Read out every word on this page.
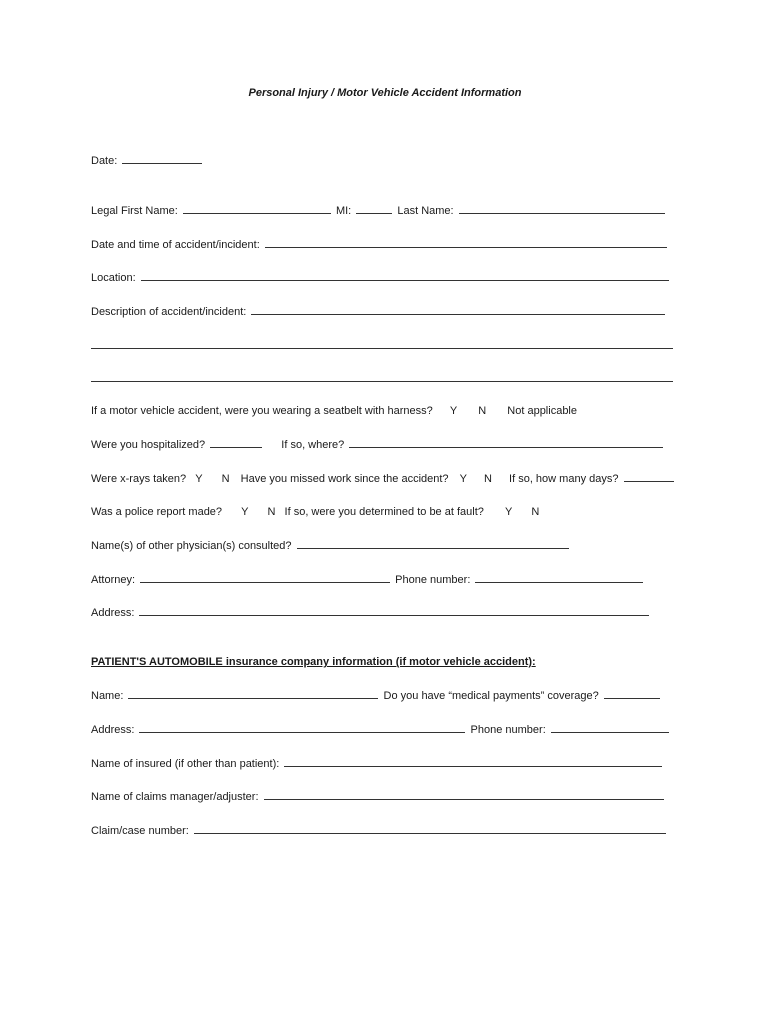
Personal Injury / Motor Vehicle Accident Information
Date:
Legal First Name:	MI:	Last Name:
Date and time of accident/incident:
Location:
Description of accident/incident:
If a motor vehicle accident, were you wearing a seatbelt with harness? Y N Not applicable
Were you hospitalized?	If so, where?
Were x-rays taken? Y N Have you missed work since the accident? Y N If so, how many days?
Was a police report made? Y N If so, were you determined to be at fault? Y N
Name(s) of other physician(s) consulted?
Attorney:	Phone number:
Address:
PATIENT'S AUTOMOBILE insurance company information (if motor vehicle accident):
Name:	Do you have “medical payments” coverage?
Address:	Phone number:
Name of insured (if other than patient):
Name of claims manager/adjuster:
Claim/case number:
